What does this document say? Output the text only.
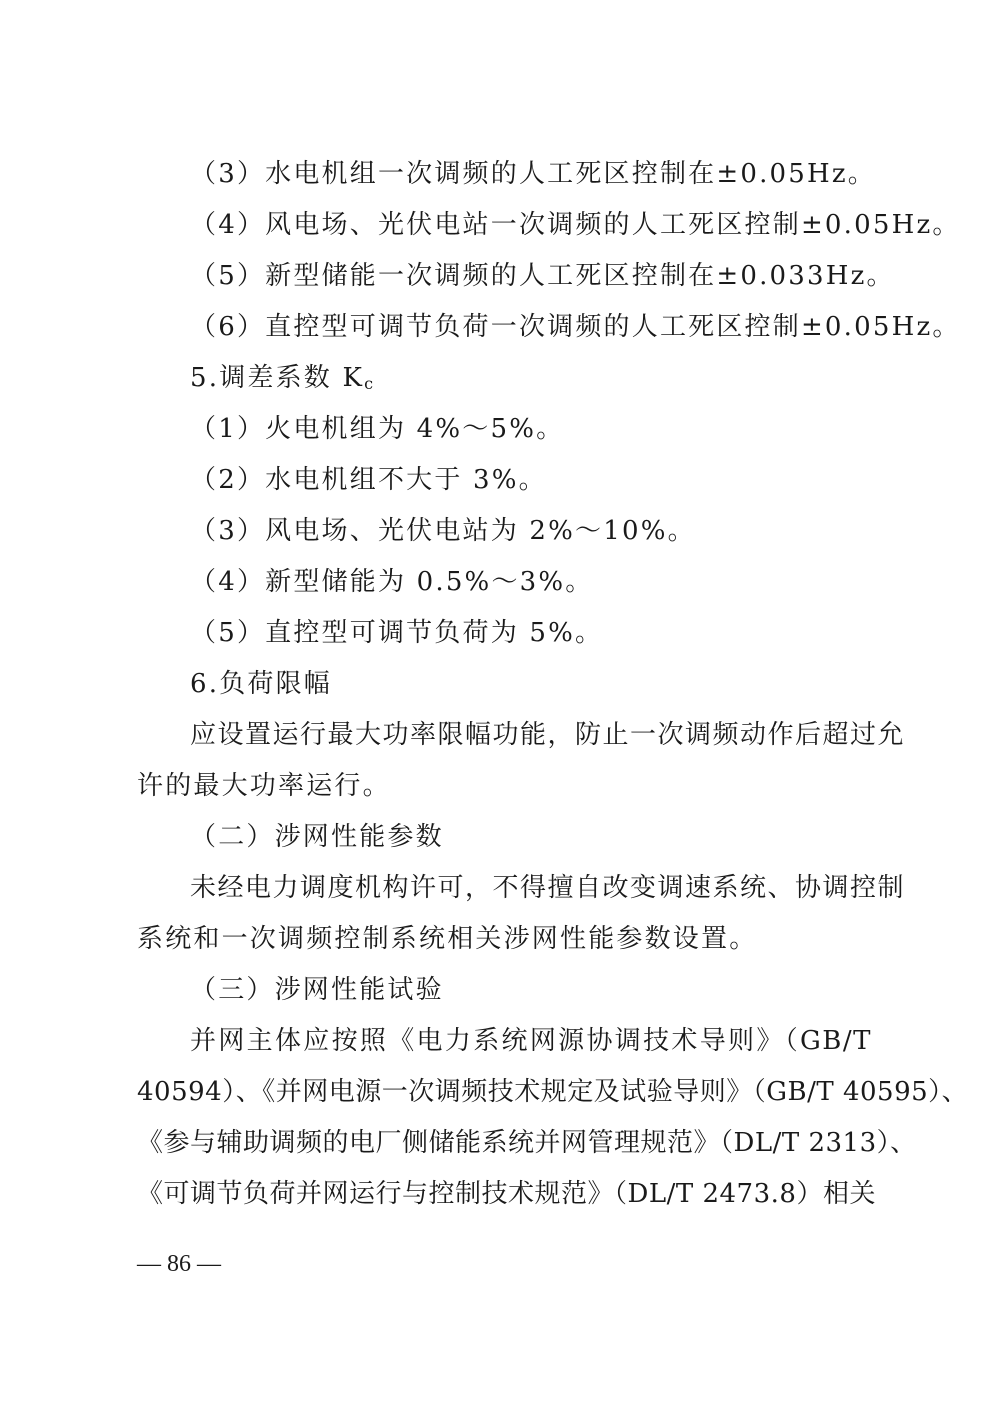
（3）水电机组一次调频的人工死区控制在±0.05Hz。
（4）风电场、光伏电站一次调频的人工死区控制±0.05Hz。
（5）新型储能一次调频的人工死区控制在±0.033Hz。
（6）直控型可调节负荷一次调频的人工死区控制±0.05Hz。
5.调差系数 $K_c$
（1）火电机组为 4%～5%。
（2）水电机组不大于 3%。
（3）风电场、光伏电站为 2%～10%。
（4）新型储能为 0.5%～3%。
（5）直控型可调节负荷为 5%。
6.负荷限幅
应设置运行最大功率限幅功能，防止一次调频动作后超过允
许的最大功率运行。
（二）涉网性能参数
未经电力调度机构许可，不得擅自改变调速系统、协调控制
系统和一次调频控制系统相关涉网性能参数设置。
（三）涉网性能试验
并网主体应按照《电力系统网源协调技术导则》（GB/T
40594）、《并网电源一次调频技术规定及试验导则》（GB/T 40595）、
《参与辅助调频的电厂侧储能系统并网管理规范》（DL/T 2313）、
《可调节负荷并网运行与控制技术规范》（DL/T 2473.8）相关
— 86 —
